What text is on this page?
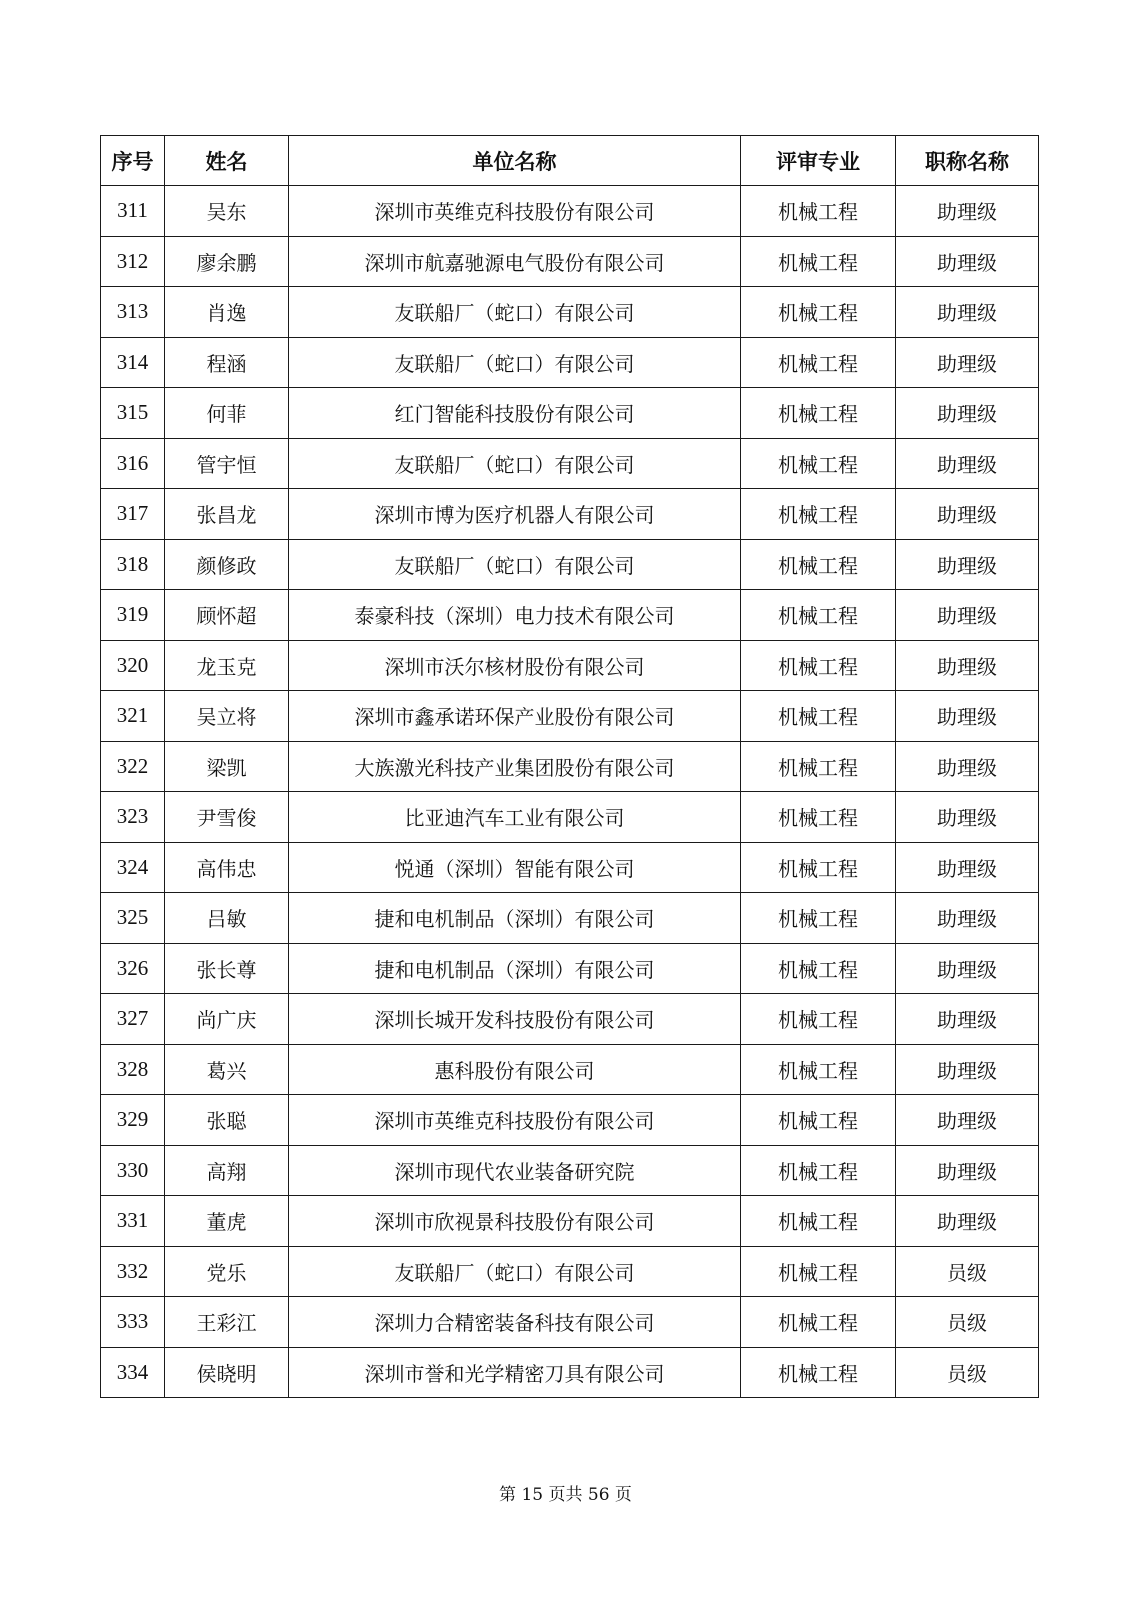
序号	姓名	单位名称	评审专业	职称名称
311	吴东	深圳市英维克科技股份有限公司	机械工程	助理级
312	廖余鹏	深圳市航嘉驰源电气股份有限公司	机械工程	助理级
313	肖逸	友联船厂（蛇口）有限公司	机械工程	助理级
314	程涵	友联船厂（蛇口）有限公司	机械工程	助理级
315	何菲	红门智能科技股份有限公司	机械工程	助理级
316	管宇恒	友联船厂（蛇口）有限公司	机械工程	助理级
317	张昌龙	深圳市博为医疗机器人有限公司	机械工程	助理级
318	颜修政	友联船厂（蛇口）有限公司	机械工程	助理级
319	顾怀超	泰豪科技（深圳）电力技术有限公司	机械工程	助理级
320	龙玉克	深圳市沃尔核材股份有限公司	机械工程	助理级
321	吴立将	深圳市鑫承诺环保产业股份有限公司	机械工程	助理级
322	梁凯	大族激光科技产业集团股份有限公司	机械工程	助理级
323	尹雪俊	比亚迪汽车工业有限公司	机械工程	助理级
324	高伟忠	悦通（深圳）智能有限公司	机械工程	助理级
325	吕敏	捷和电机制品（深圳）有限公司	机械工程	助理级
326	张长尊	捷和电机制品（深圳）有限公司	机械工程	助理级
327	尚广庆	深圳长城开发科技股份有限公司	机械工程	助理级
328	葛兴	惠科股份有限公司	机械工程	助理级
329	张聪	深圳市英维克科技股份有限公司	机械工程	助理级
330	高翔	深圳市现代农业装备研究院	机械工程	助理级
331	董虎	深圳市欣视景科技股份有限公司	机械工程	助理级
332	党乐	友联船厂（蛇口）有限公司	机械工程	员级
333	王彩江	深圳力合精密装备科技有限公司	机械工程	员级
334	侯晓明	深圳市誉和光学精密刀具有限公司	机械工程	员级
第 15 页共 56 页
